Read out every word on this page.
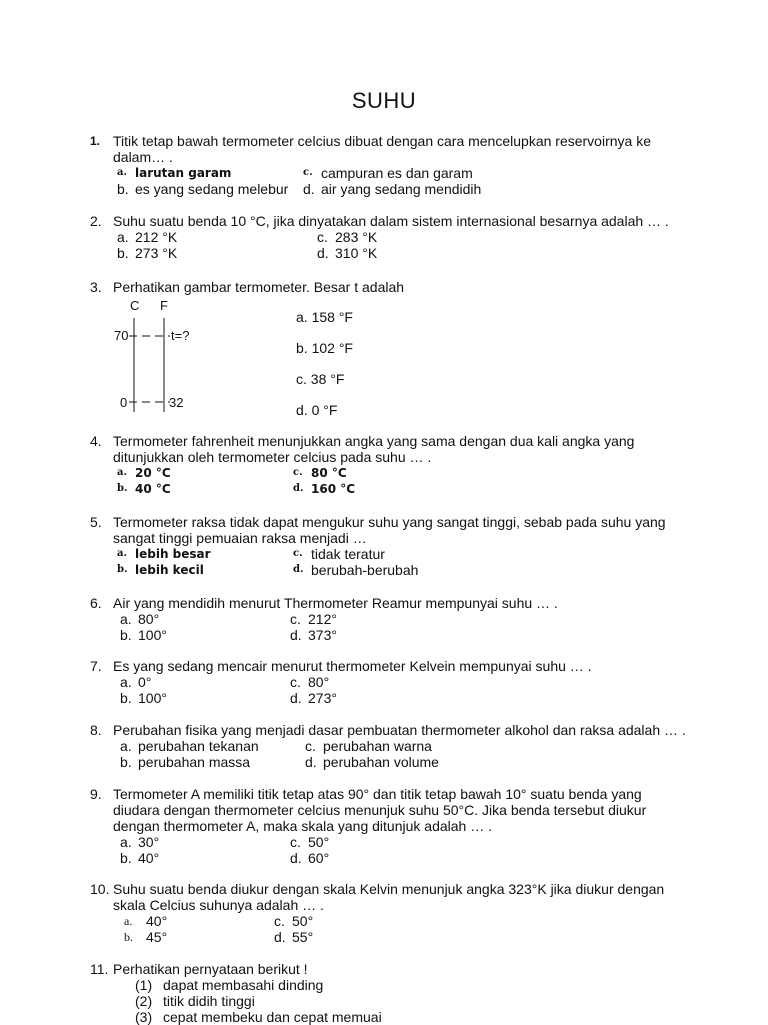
SUHU
1. Titik tetap bawah termometer celcius dibuat dengan cara mencelupkan reservoirnya ke dalam… .
a. larutan garam	c. campuran es dan garam
b. es yang sedang melebur d. air yang sedang mendidih
2. Suhu suatu benda 10 °C, jika dinyatakan dalam sistem internasional besarnya adalah … .
a. 212 °K	c. 283 °K
b. 273 °K	d. 310 °K
3. Perhatikan gambar termometer. Besar t adalah
C F
70	t=?
0	32
a. 158 °F
b. 102 °F
c. 38 °F
d. 0 °F
4. Termometer fahrenheit menunjukkan angka yang sama dengan dua kali angka yang ditunjukkan oleh termometer celcius pada suhu … .
a. 20 °C	c. 80 °C
b. 40 °C	d. 160 °C
5. Termometer raksa tidak dapat mengukur suhu yang sangat tinggi, sebab pada suhu yang sangat tinggi pemuaian raksa menjadi …
a. lebih besar	c. tidak teratur
b. lebih kecil	d. berubah-berubah
6. Air yang mendidih menurut Thermometer Reamur mempunyai suhu … .
a. 80°	c. 212°
b. 100°	d. 373°
7. Es yang sedang mencair menurut thermometer Kelvein mempunyai suhu … .
a. 0°	c. 80°
b. 100°	d. 273°
8. Perubahan fisika yang menjadi dasar pembuatan thermometer alkohol dan raksa adalah … .
a. perubahan tekanan	c. perubahan warna
b. perubahan massa	d. perubahan volume
9. Termometer A memiliki titik tetap atas 90° dan titik tetap bawah 10° suatu benda yang diudara dengan thermometer celcius menunjuk suhu 50°C. Jika benda tersebut diukur dengan thermometer A, maka skala yang ditunjuk adalah … .
a. 30°	c. 50°
b. 40°	d. 60°
10. Suhu suatu benda diukur dengan skala Kelvin menunjuk angka 323°K jika diukur dengan skala Celcius suhunya adalah … .
a. 40°	c. 50°
b. 45°	d. 55°
11. Perhatikan pernyataan berikut !
(1) dapat membasahi dinding
(2) titik didih tinggi
(3) cepat membeku dan cepat memuai
